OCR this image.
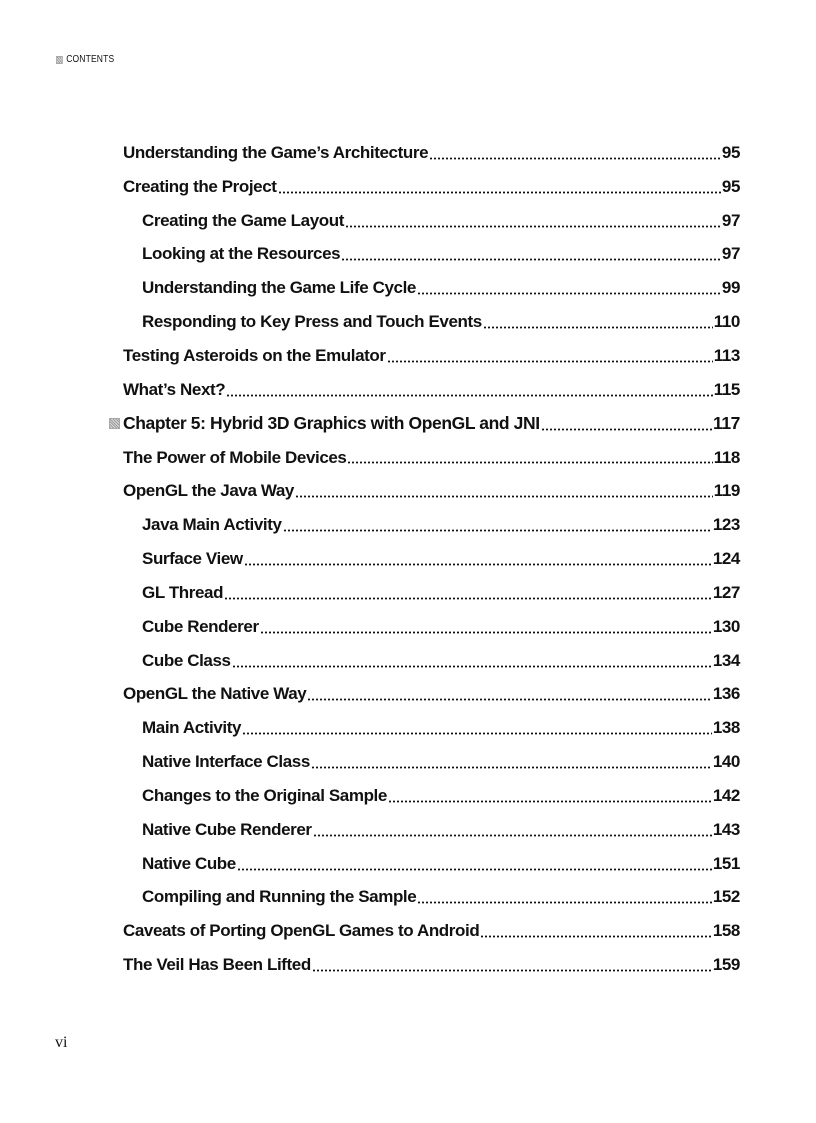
CONTENTS
Understanding the Game’s Architecture	95
Creating the Project	95
Creating the Game Layout	97
Looking at the Resources	97
Understanding the Game Life Cycle	99
Responding to Key Press and Touch Events	110
Testing Asteroids on the Emulator	113
What’s Next?	115
Chapter 5: Hybrid 3D Graphics with OpenGL and JNI	117
The Power of Mobile Devices	118
OpenGL the Java Way	119
Java Main Activity	123
Surface View	124
GL Thread	127
Cube Renderer	130
Cube Class	134
OpenGL the Native Way	136
Main Activity	138
Native Interface Class	140
Changes to the Original Sample	142
Native Cube Renderer	143
Native Cube	151
Compiling and Running the Sample	152
Caveats of Porting OpenGL Games to Android	158
The Veil Has Been Lifted	159
vi
